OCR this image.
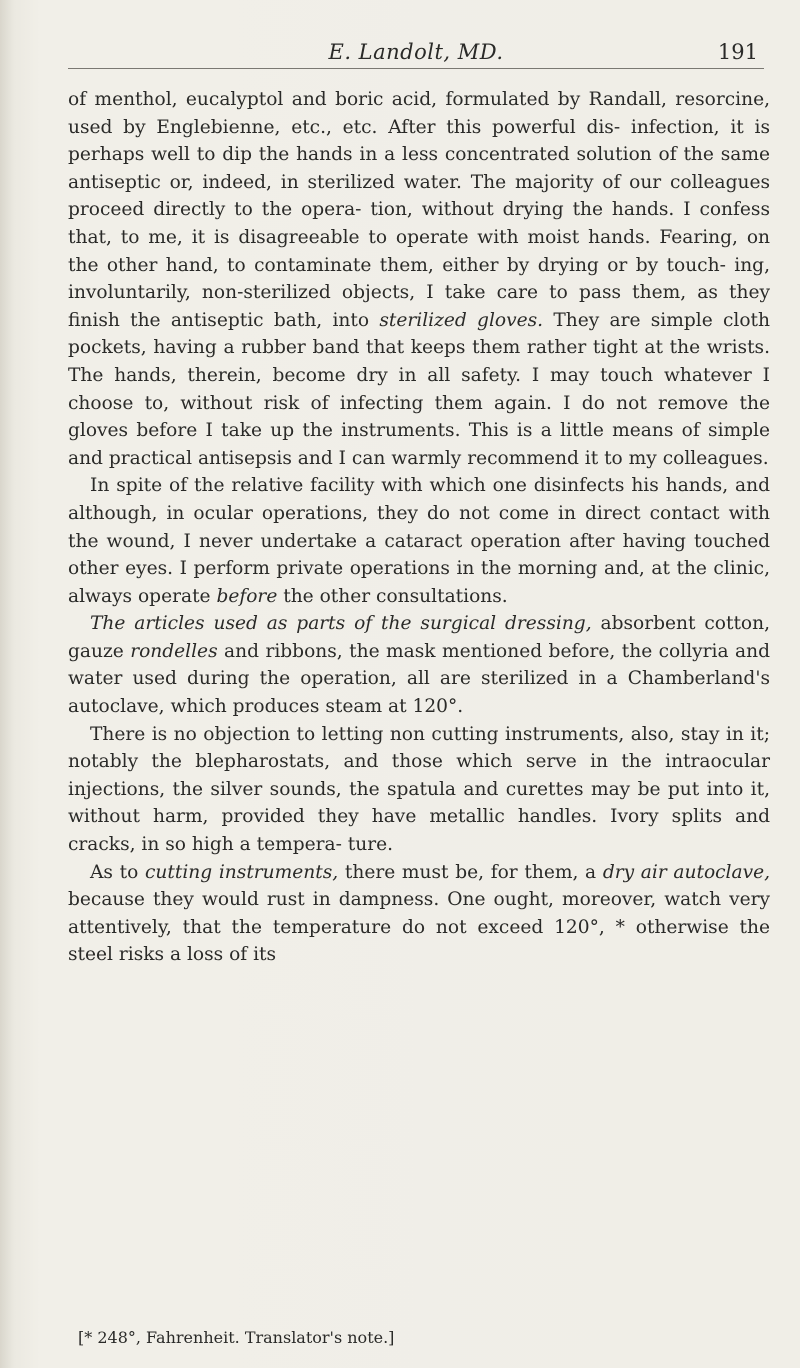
E. Landolt, MD.	191

of menthol, eucalyptol and boric acid, formulated by Randall, resorcine, used by Englebienne, etc., etc. After this powerful dis- infection, it is perhaps well to dip the hands in a less concentrated solution of the same antiseptic or, indeed, in sterilized water. The majority of our colleagues proceed directly to the opera- tion, without drying the hands. I confess that, to me, it is disagreeable to operate with moist hands. Fearing, on the other hand, to contaminate them, either by drying or by touch- ing, involuntarily, non-sterilized objects, I take care to pass them, as they finish the antiseptic bath, into sterilized gloves. They are simple cloth pockets, having a rubber band that keeps them rather tight at the wrists. The hands, therein, become dry in all safety. I may touch whatever I choose to, without risk of infecting them again. I do not remove the gloves before I take up the instruments. This is a little means of simple and practical antisepsis and I can warmly recommend it to my colleagues.

In spite of the relative facility with which one disinfects his hands, and although, in ocular operations, they do not come in direct contact with the wound, I never undertake a cataract operation after having touched other eyes. I perform private operations in the morning and, at the clinic, always operate before the other consultations.

The articles used as parts of the surgical dressing, absorbent cotton, gauze rondelles and ribbons, the mask mentioned before, the collyria and water used during the operation, all are sterilized in a Chamberland's autoclave, which produces steam at 120°.

There is no objection to letting non cutting instruments, also, stay in it; notably the blepharostats, and those which serve in the intraocular injections, the silver sounds, the spatula and curettes may be put into it, without harm, provided they have metallic handles. Ivory splits and cracks, in so high a tempera- ture.

As to cutting instruments, there must be, for them, a dry air autoclave, because they would rust in dampness. One ought, moreover, watch very attentively, that the temperature do not exceed 120°, * otherwise the steel risks a loss of its

[* 248°, Fahrenheit. Translator's note.]
